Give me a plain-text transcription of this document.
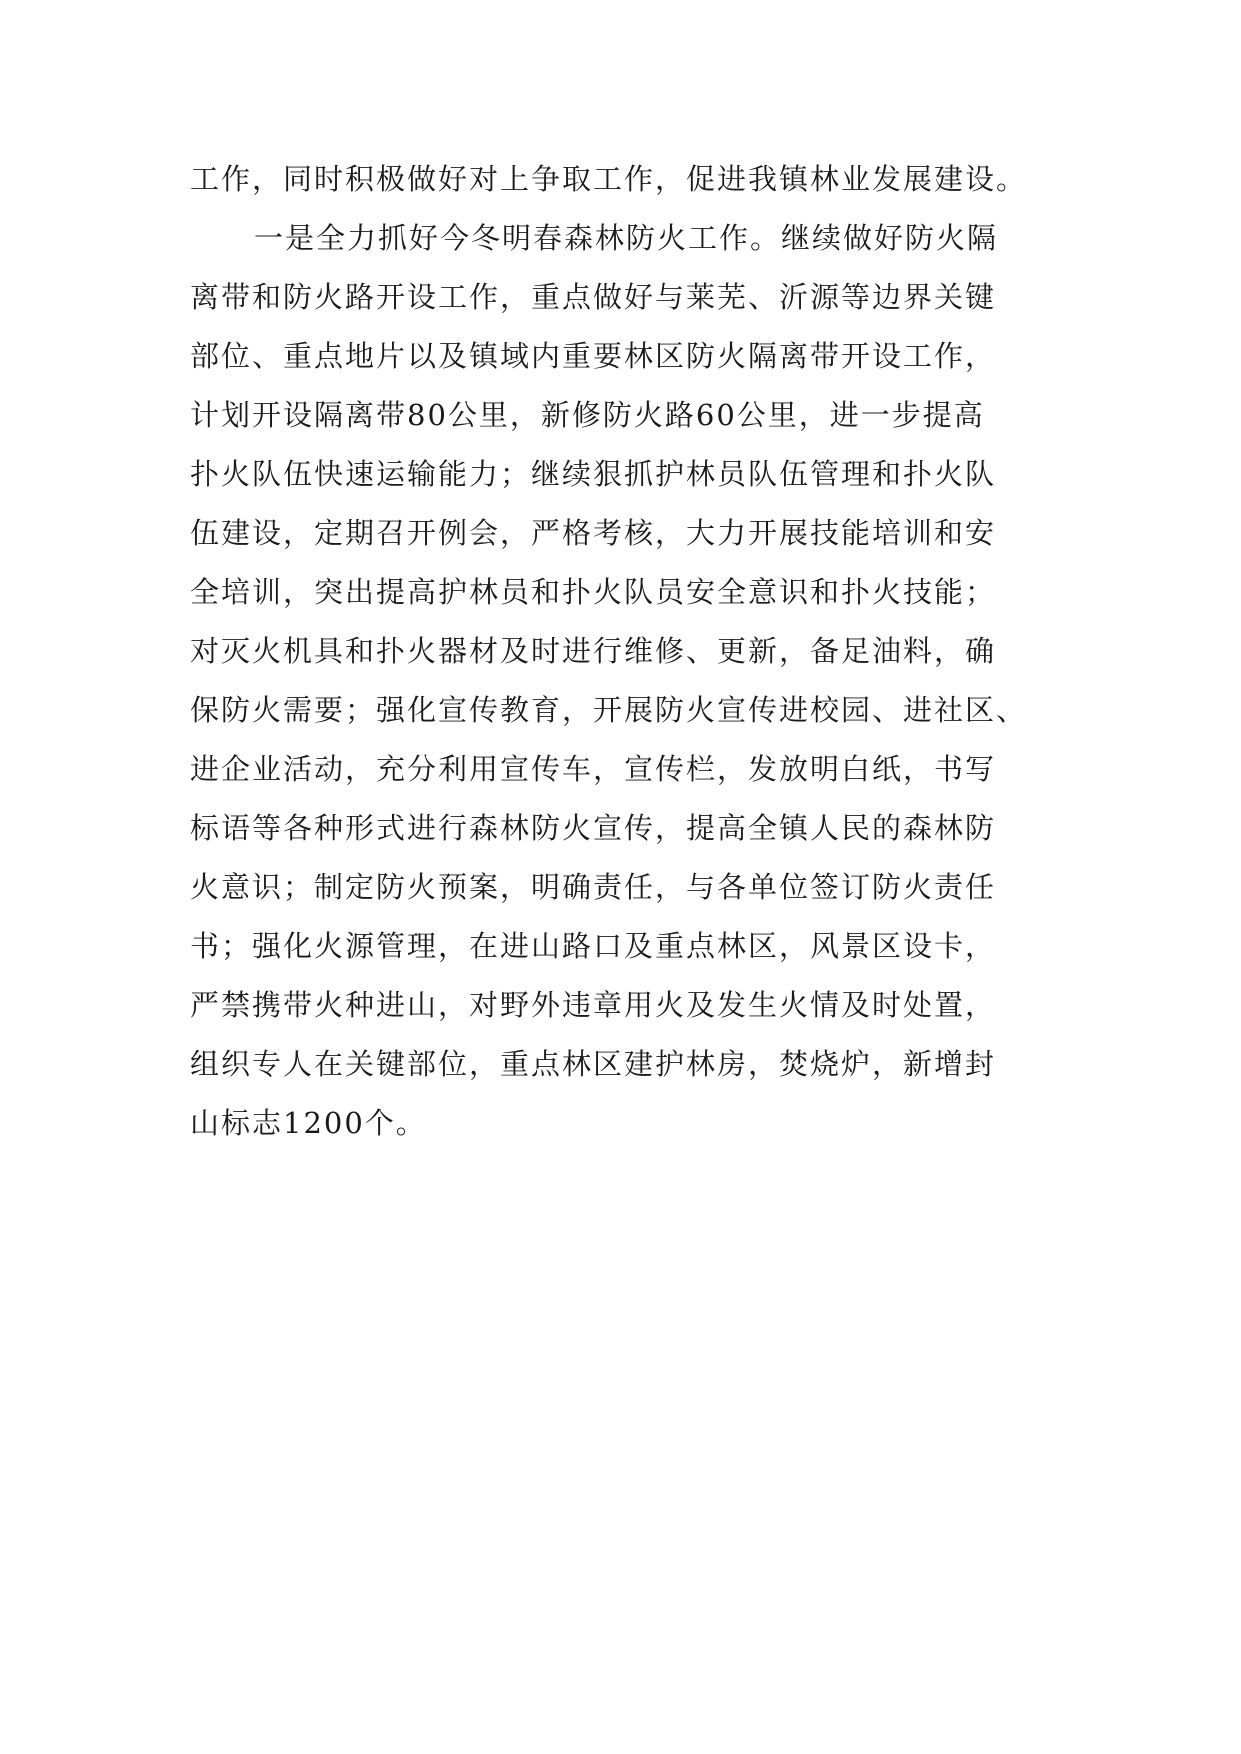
工作，同时积极做好对上争取工作，促进我镇林业发展建设。
一是全力抓好今冬明春森林防火工作。继续做好防火隔
离带和防火路开设工作，重点做好与莱芜、沂源等边界关键
部位、重点地片以及镇域内重要林区防火隔离带开设工作，
计划开设隔离带80公里，新修防火路60公里，进一步提高
扑火队伍快速运输能力；继续狠抓护林员队伍管理和扑火队
伍建设，定期召开例会，严格考核，大力开展技能培训和安
全培训，突出提高护林员和扑火队员安全意识和扑火技能；
对灭火机具和扑火器材及时进行维修、更新，备足油料，确
保防火需要；强化宣传教育，开展防火宣传进校园、进社区、
进企业活动，充分利用宣传车，宣传栏，发放明白纸，书写
标语等各种形式进行森林防火宣传，提高全镇人民的森林防
火意识；制定防火预案，明确责任，与各单位签订防火责任
书；强化火源管理，在进山路口及重点林区，风景区设卡，
严禁携带火种进山，对野外违章用火及发生火情及时处置，
组织专人在关键部位，重点林区建护林房，焚烧炉，新增封
山标志1200个。
